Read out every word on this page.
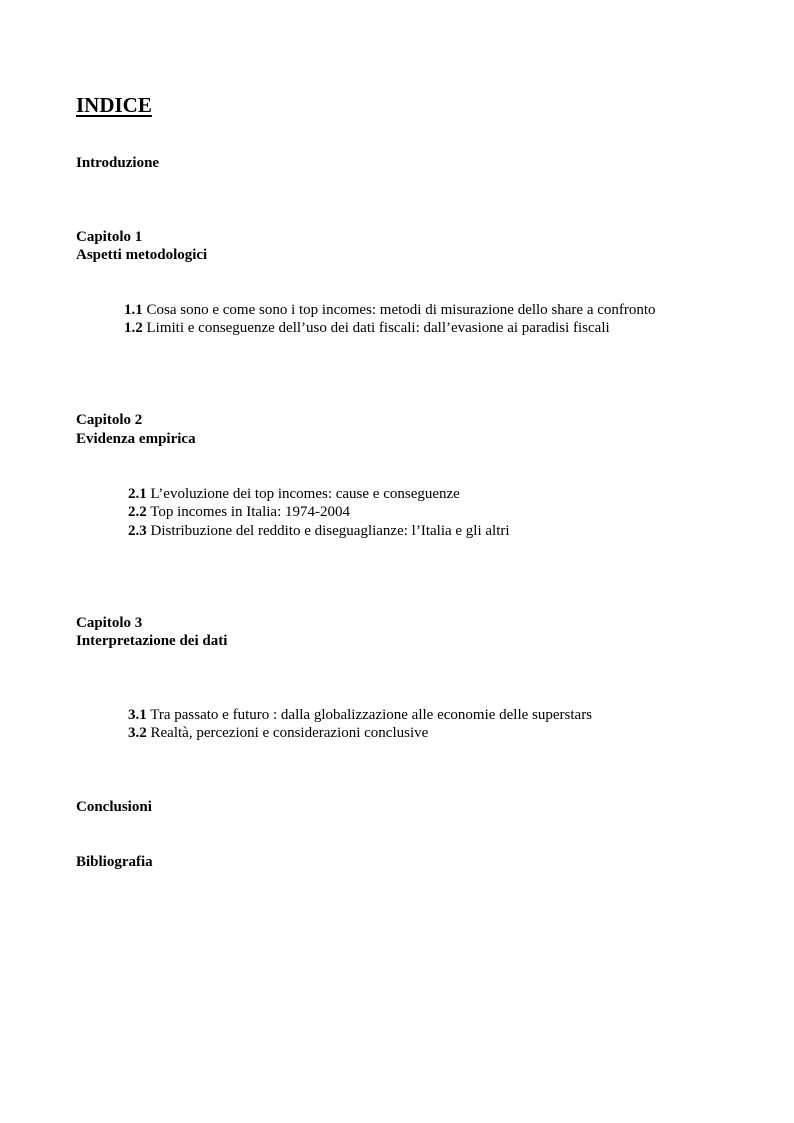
INDICE
Introduzione
Capitolo 1
Aspetti metodologici
1.1 Cosa sono e come sono i top incomes: metodi di misurazione dello share a confronto
1.2 Limiti e conseguenze dell’uso dei dati fiscali: dall’evasione ai paradisi fiscali
Capitolo 2
Evidenza empirica
2.1 L’evoluzione dei top incomes: cause e conseguenze
2.2 Top incomes in Italia: 1974-2004
2.3 Distribuzione del reddito e diseguaglianze: l’Italia e gli altri
Capitolo 3
Interpretazione dei dati
3.1 Tra passato e futuro : dalla globalizzazione alle economie delle superstars
3.2 Realtà, percezioni e considerazioni conclusive
Conclusioni
Bibliografia
